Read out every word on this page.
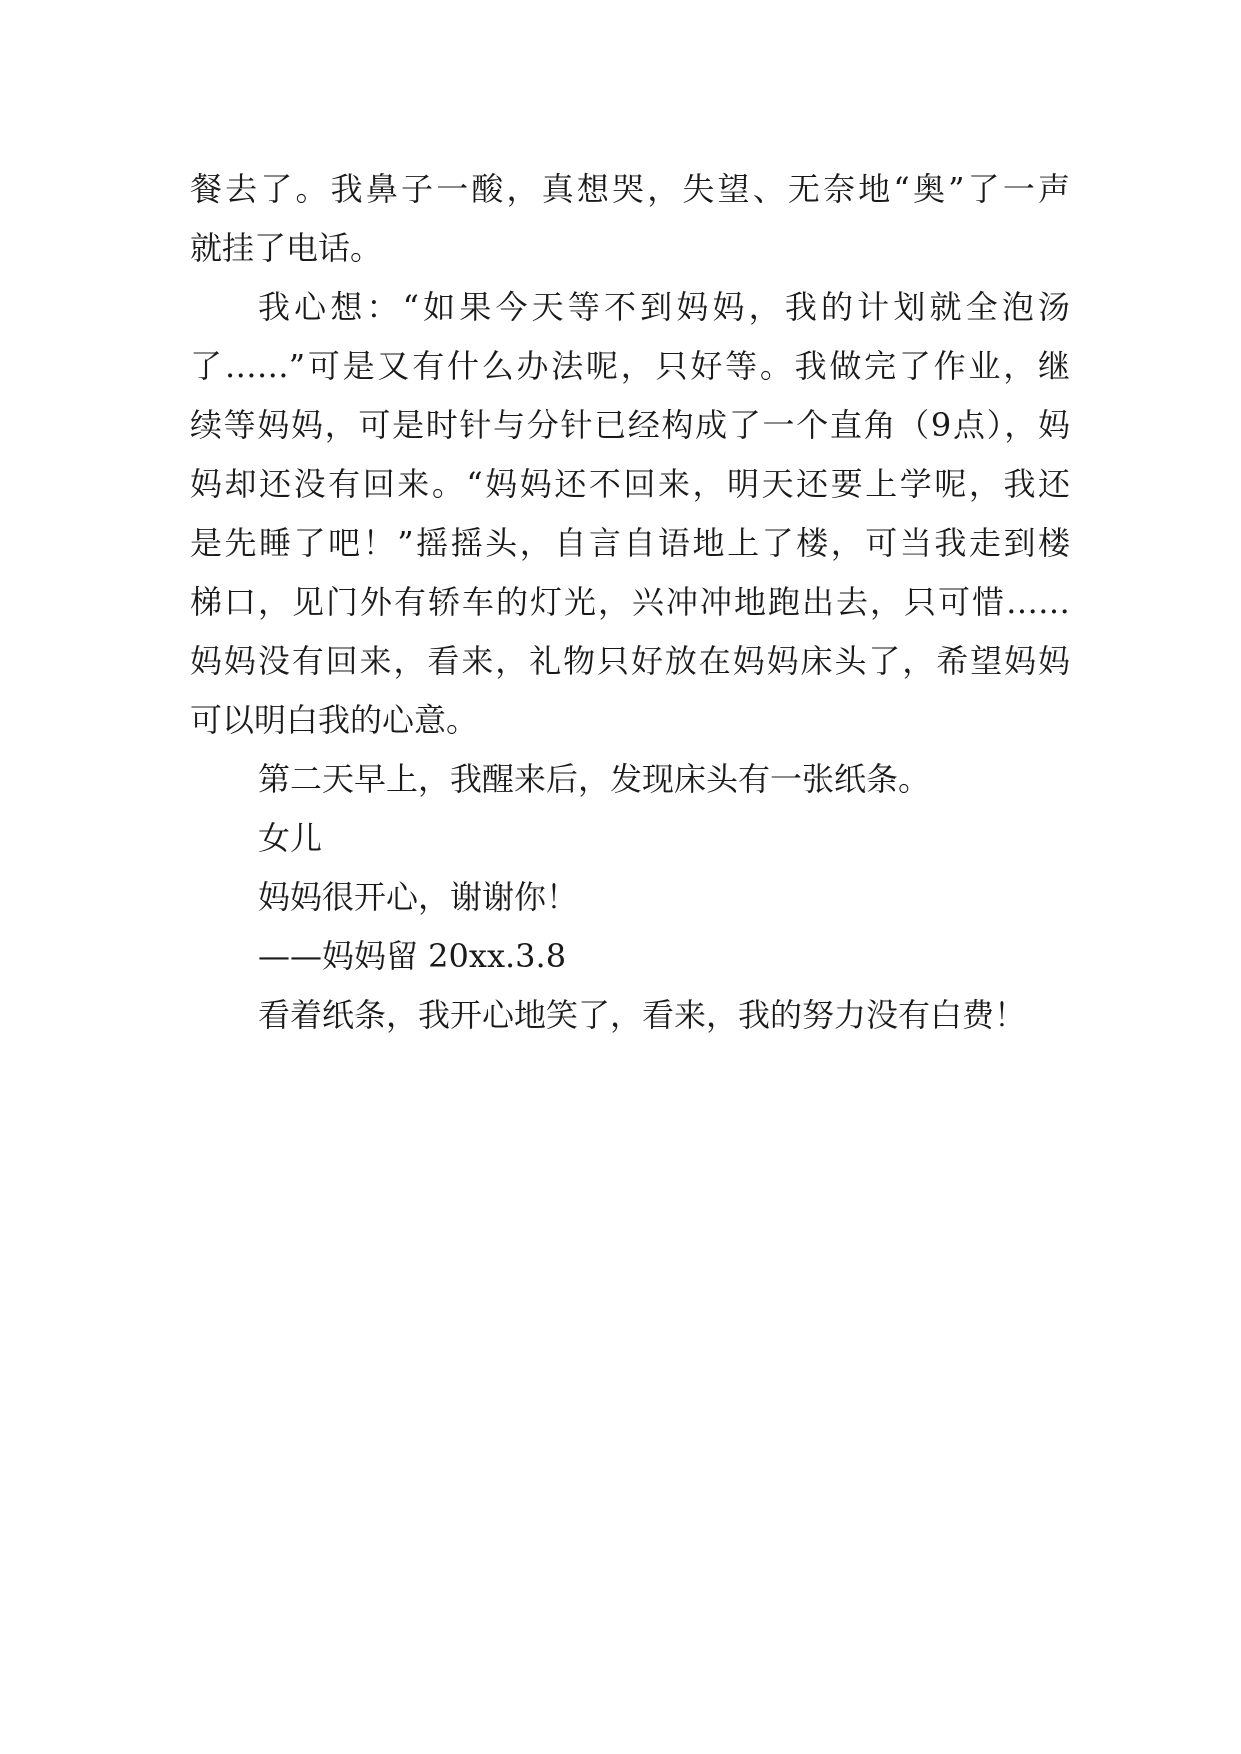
餐去了。我鼻子一酸，真想哭，失望、无奈地“奥”了一声
就挂了电话。
我心想：“如果今天等不到妈妈，我的计划就全泡汤
了……”可是又有什么办法呢，只好等。我做完了作业，继
续等妈妈，可是时针与分针已经构成了一个直角（9点），妈
妈却还没有回来。“妈妈还不回来，明天还要上学呢，我还
是先睡了吧！”摇摇头，自言自语地上了楼，可当我走到楼
梯口，见门外有轿车的灯光，兴冲冲地跑出去，只可惜……
妈妈没有回来，看来，礼物只好放在妈妈床头了，希望妈妈
可以明白我的心意。
第二天早上，我醒来后，发现床头有一张纸条。
女儿
妈妈很开心，谢谢你！
——妈妈留 20xx.3.8
看着纸条，我开心地笑了，看来，我的努力没有白费！
